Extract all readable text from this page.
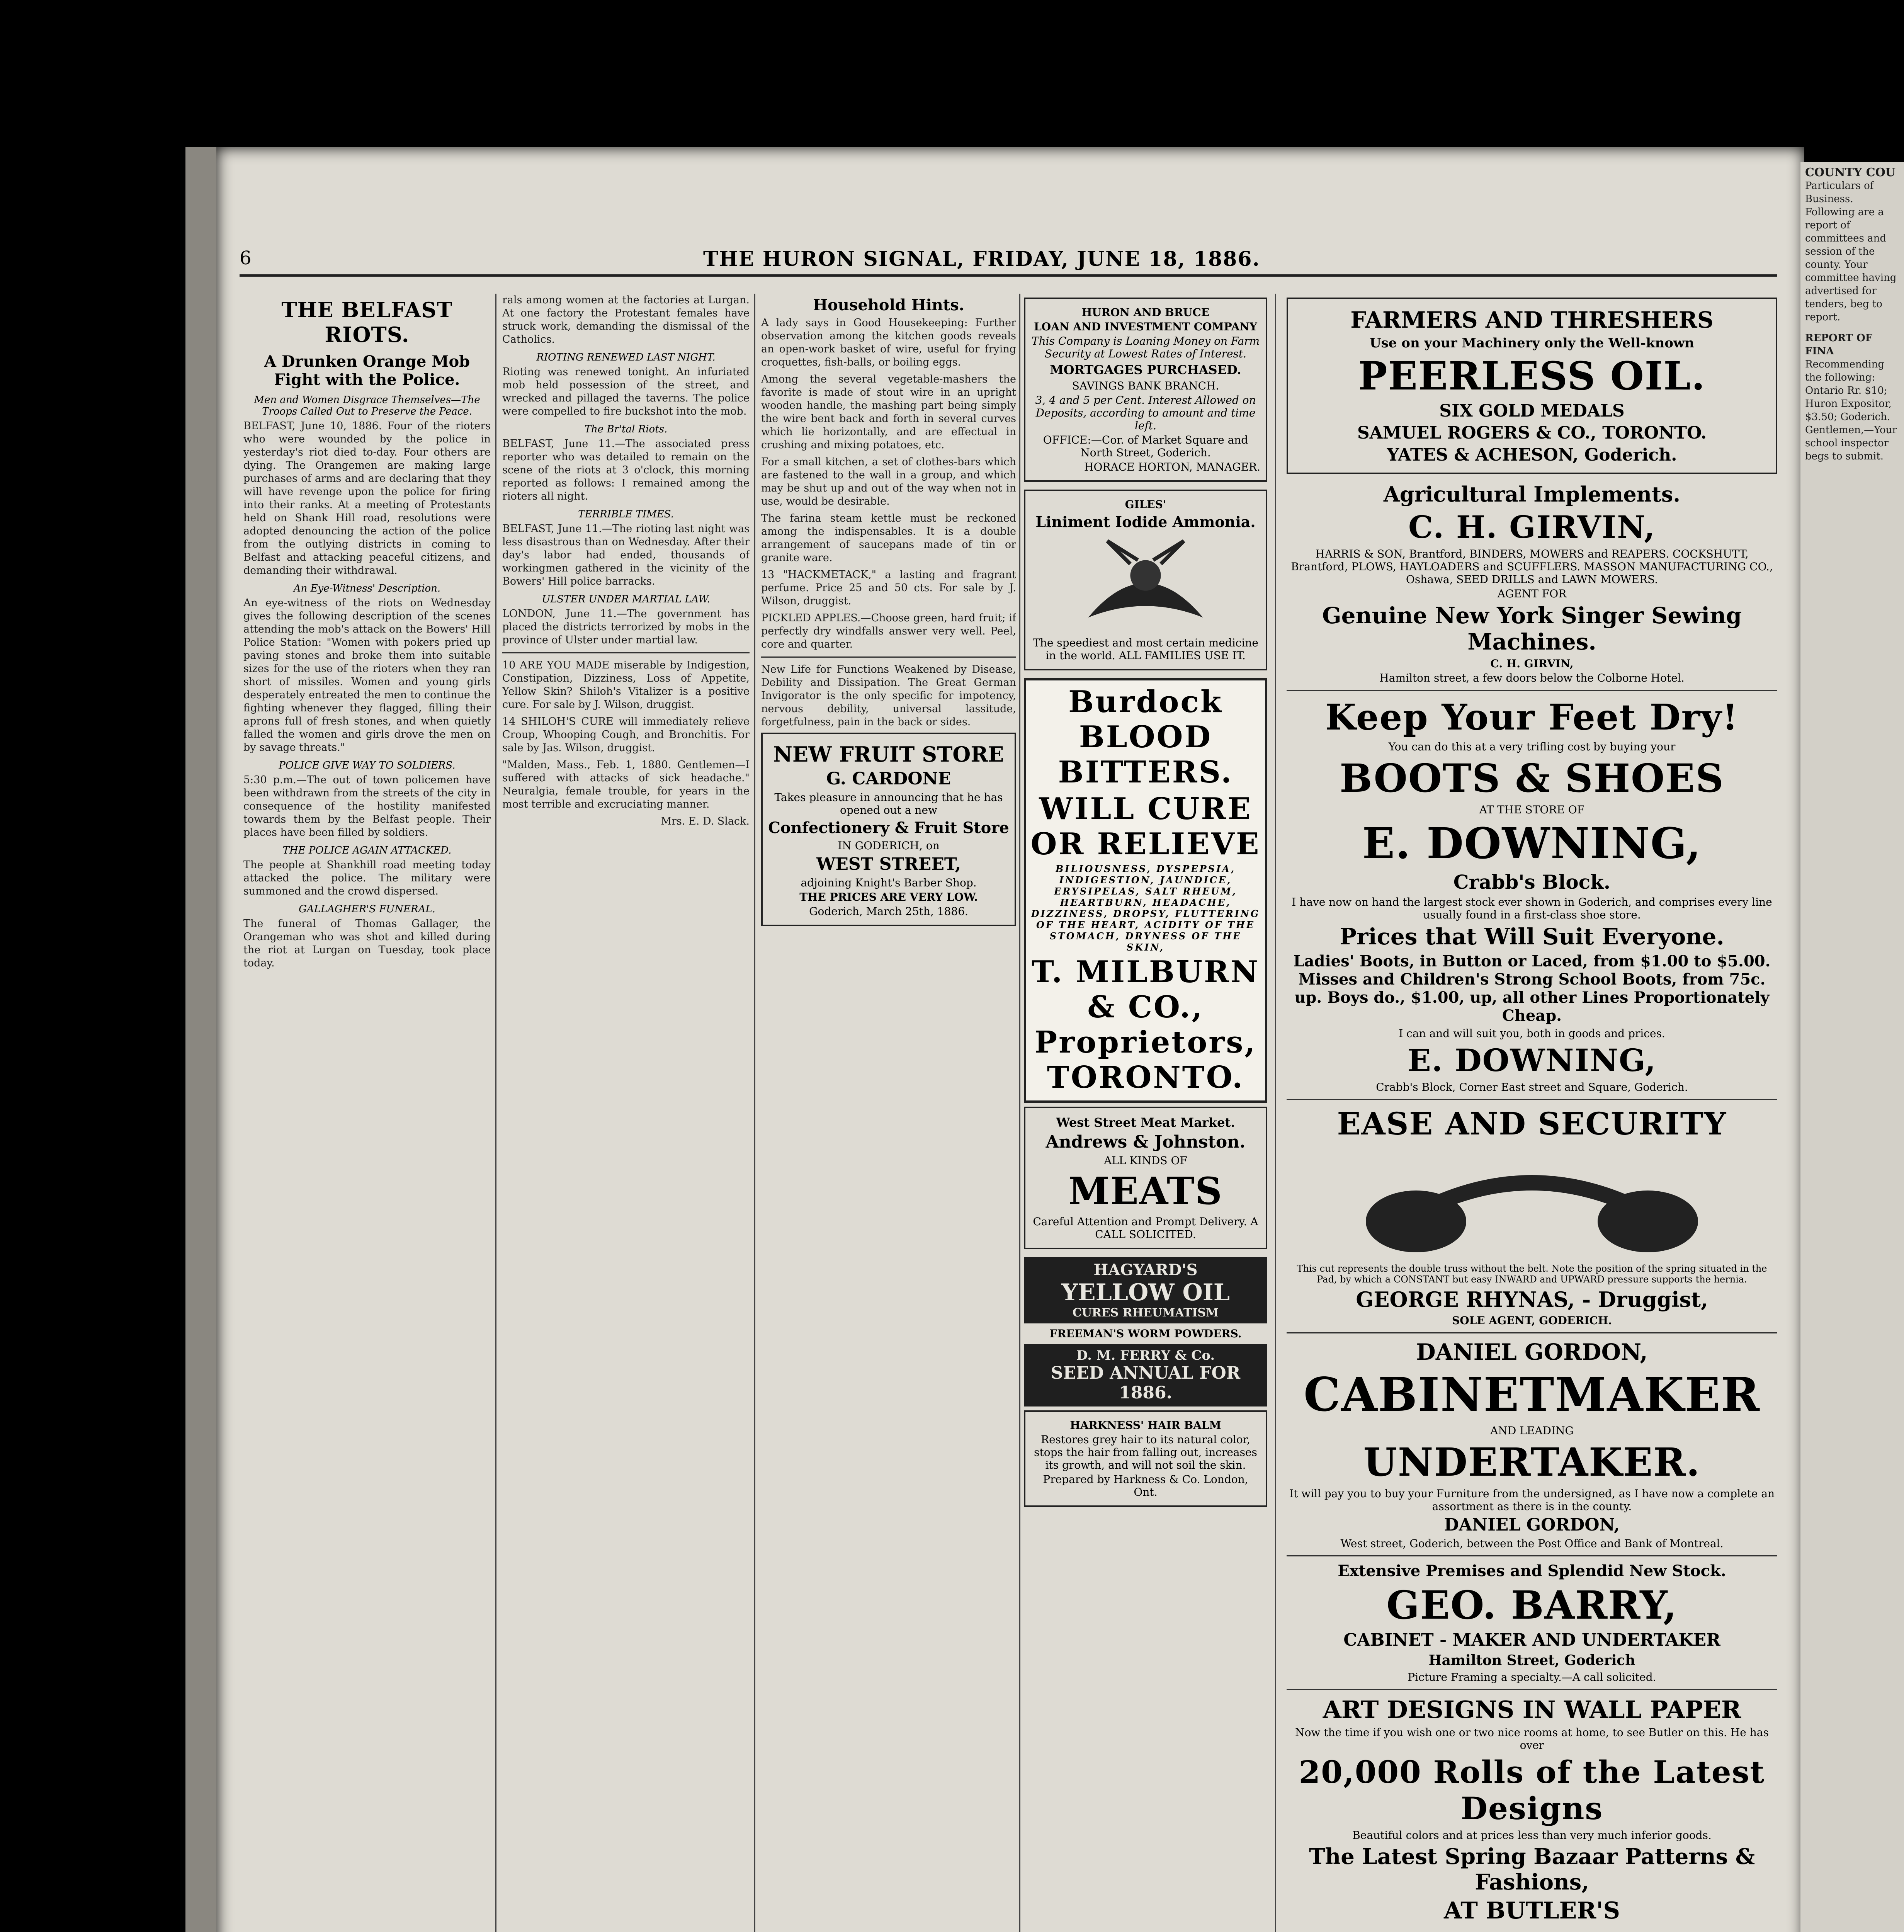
COUNTY COU
Particulars of Business. Following are a report of committees and session of the county. Your committee having advertised for tenders, beg to report.
REPORT OF FINA
Recommending the following: Ontario Rr. $10; Huron Expositor, $3.50; Goderich. Gentlemen,—Your school inspector begs to submit.
6	THE HURON SIGNAL, FRIDAY, JUNE 18, 1886.
THE BELFAST RIOTS.
A Drunken Orange Mob Fight with the Police.
Men and Women Disgrace Themselves—The Troops Called Out to Preserve the Peace.

BELFAST, June 10, 1886. Four of the rioters who were wounded by the police in yesterday's riot died to-day. Four others are dying. The Orangemen are making large purchases of arms and are declaring that they will have revenge upon the police for firing into their ranks. At a meeting of Protestants held on Shank Hill road, resolutions were adopted denouncing the action of the police from the outlying districts in coming to Belfast and attacking peaceful citizens, and demanding their withdrawal.

An Eye-Witness' Description.

An eye-witness of the riots on Wednesday gives the following description of the scenes attending the mob's attack on the Bowers' Hill Police Station: "Women with pokers pried up paving stones and broke them into suitable sizes for the use of the rioters when they ran short of missiles. Women and young girls desperately entreated the men to continue the fighting whenever they flagged, filling their aprons full of fresh stones, and when quietly falled the women and girls drove the men on by savage threats."

POLICE GIVE WAY TO SOLDIERS.

5:30 p.m.—The out of town policemen have been withdrawn from the streets of the city in consequence of the hostility manifested towards them by the Belfast people. Their places have been filled by soldiers.

THE POLICE AGAIN ATTACKED.

The people at Shankhill road meeting today attacked the police. The military were summoned and the crowd dispersed.

GALLAGHER'S FUNERAL.

The funeral of Thomas Gallager, the Orangeman who was shot and killed during the riot at Lurgan on Tuesday, took place today.

rals among women at the factories at Lurgan. At one factory the Protestant females have struck work, demanding the dismissal of the Catholics.

RIOTING RENEWED LAST NIGHT.

Rioting was renewed tonight. An infuriated mob held possession of the street, and wrecked and pillaged the taverns. The police were compelled to fire buckshot into the mob.

The Br'tal Riots.

BELFAST, June 11.—The associated press reporter who was detailed to remain on the scene of the riots at 3 o'clock, this morning reported as follows: I remained among the rioters all night.

TERRIBLE TIMES.

BELFAST, June 11.—The rioting last night was less disastrous than on Wednesday. After their day's labor had ended, thousands of workingmen gathered in the vicinity of the Bowers' Hill police barracks.

ULSTER UNDER MARTIAL LAW.

LONDON, June 11.—The government has placed the districts terrorized by mobs in the province of Ulster under martial law.

10 ARE YOU MADE miserable by Indigestion, Constipation, Dizziness, Loss of Appetite, Yellow Skin? Shiloh's Vitalizer is a positive cure. For sale by J. Wilson, druggist.

14 SHILOH'S CURE will immediately relieve Croup, Whooping Cough, and Bronchitis. For sale by Jas. Wilson, druggist.

"Malden, Mass., Feb. 1, 1880. Gentlemen—I suffered with attacks of sick headache." Neuralgia, female trouble, for years in the most terrible and excruciating manner.

Mrs. E. D. Slack.

Household Hints.

A lady says in Good Housekeeping: Further observation among the kitchen goods reveals an open-work basket of wire, useful for frying croquettes, fish-balls, or boiling eggs.

Among the several vegetable-mashers the favorite is made of stout wire in an upright wooden handle, the mashing part being simply the wire bent back and forth in several curves which lie horizontally, and are effectual in crushing and mixing potatoes, etc.

For a small kitchen, a set of clothes-bars which are fastened to the wall in a group, and which may be shut up and out of the way when not in use, would be desirable.

The farina steam kettle must be reckoned among the indispensables. It is a double arrangement of saucepans made of tin or granite ware.

13 "HACKMETACK," a lasting and fragrant perfume. Price 25 and 50 cts. For sale by J. Wilson, druggist.

PICKLED APPLES.—Choose green, hard fruit; if perfectly dry windfalls answer very well. Peel, core and quarter.

New Life for Functions Weakened by Disease, Debility and Dissipation. The Great German Invigorator is the only specific for impotency, nervous debility, universal lassitude, forgetfulness, pain in the back or sides.

NEW FRUIT STORE
G. CARDONE
Takes pleasure in announcing that he has opened out a new
Confectionery & Fruit Store
IN GODERICH, on
WEST STREET,
adjoining Knight's Barber Shop.
THE PRICES ARE VERY LOW.
Goderich, March 25th, 1886.
HURON AND BRUCE
LOAN AND INVESTMENT COMPANY
This Company is Loaning Money on Farm Security at Lowest Rates of Interest.
MORTGAGES PURCHASED.
SAVINGS BANK BRANCH.
3, 4 and 5 per Cent. Interest Allowed on Deposits, according to amount and time left.
OFFICE:—Cor. of Market Square and North Street, Goderich.
HORACE HORTON, MANAGER.
GILES'
Liniment Iodide Ammonia.
The speediest and most certain medicine in the world. ALL FAMILIES USE IT.
Burdock
BLOOD
BITTERS.
WILL CURE OR RELIEVE
BILIOUSNESS, DYSPEPSIA, INDIGESTION, JAUNDICE, ERYSIPELAS, SALT RHEUM, HEARTBURN, HEADACHE, DIZZINESS, DROPSY, FLUTTERING OF THE HEART, ACIDITY OF THE STOMACH, DRYNESS OF THE SKIN,
T. MILBURN & CO., Proprietors, TORONTO.
West Street Meat Market.
Andrews & Johnston.
ALL KINDS OF
MEATS
Careful Attention and Prompt Delivery. A CALL SOLICITED.
HAGYARD'S
YELLOW OIL
CURES RHEUMATISM
FREEMAN'S WORM POWDERS.
D. M. FERRY & Co.
SEED ANNUAL FOR 1886.
HARKNESS' HAIR BALM
Restores grey hair to its natural color, stops the hair from falling out, increases its growth, and will not soil the skin.
Prepared by Harkness & Co. London, Ont.
FARMERS AND THRESHERS
Use on your Machinery only the Well-known
PEERLESS OIL.
SIX GOLD MEDALS
SAMUEL ROGERS & CO., TORONTO.
YATES & ACHESON, Goderich.
Agricultural Implements.
C. H. GIRVIN,
HARRIS & SON, Brantford, BINDERS, MOWERS and REAPERS. COCKSHUTT, Brantford, PLOWS, HAYLOADERS and SCUFFLERS. MASSON MANUFACTURING CO., Oshawa, SEED DRILLS and LAWN MOWERS.
AGENT FOR
Genuine New York Singer Sewing Machines.
C. H. GIRVIN,
Hamilton street, a few doors below the Colborne Hotel.
Keep Your Feet Dry!
You can do this at a very trifling cost by buying your
BOOTS & SHOES
AT THE STORE OF
E. DOWNING,
Crabb's Block.
I have now on hand the largest stock ever shown in Goderich, and comprises every line usually found in a first-class shoe store.
Prices that Will Suit Everyone.
Ladies' Boots, in Button or Laced, from $1.00 to $5.00. Misses and Children's Strong School Boots, from 75c. up. Boys do., $1.00, up, all other Lines Proportionately Cheap.
I can and will suit you, both in goods and prices.
E. DOWNING,
Crabb's Block, Corner East street and Square, Goderich.
EASE AND SECURITY
This cut represents the double truss without the belt. Note the position of the spring situated in the Pad, by which a CONSTANT but easy INWARD and UPWARD pressure supports the hernia.
GEORGE RHYNAS, - Druggist,
SOLE AGENT, GODERICH.
DANIEL GORDON,
CABINETMAKER
AND LEADING
UNDERTAKER.
It will pay you to buy your Furniture from the undersigned, as I have now a complete an assortment as there is in the county.
DANIEL GORDON,
West street, Goderich, between the Post Office and Bank of Montreal.
Extensive Premises and Splendid New Stock.
GEO. BARRY,
CABINET - MAKER AND UNDERTAKER
Hamilton Street, Goderich
Picture Framing a specialty.—A call solicited.
ART DESIGNS IN WALL PAPER
Now the time if you wish one or two nice rooms at home, to see Butler on this. He has over
20,000 Rolls of the Latest Designs
Beautiful colors and at prices less than very much inferior goods.
The Latest Spring Bazaar Patterns & Fashions,
AT BUTLER'S
